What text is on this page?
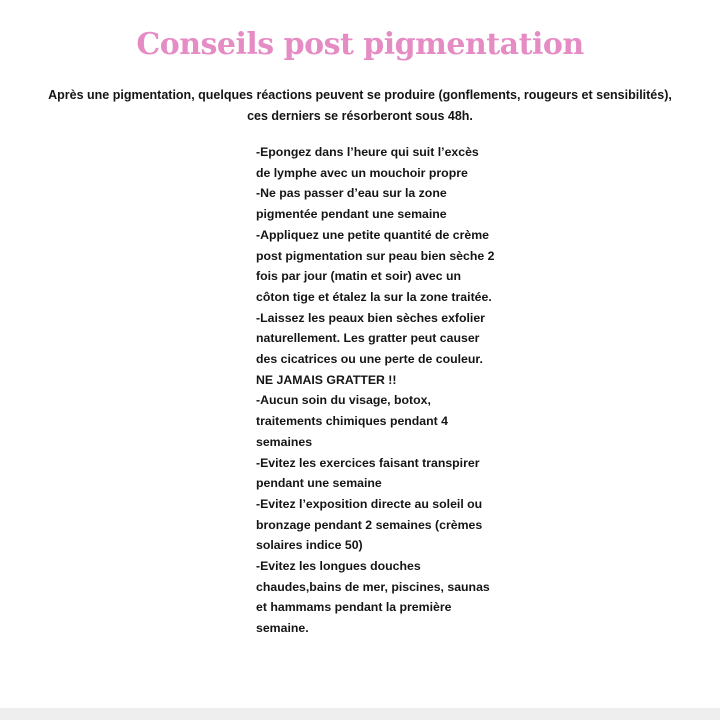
Conseils post pigmentation

Après une pigmentation, quelques réactions peuvent se produire (gonflements, rougeurs et sensibilités), ces derniers se résorberont sous 48h.

-Epongez dans l’heure qui suit l’excès de lymphe avec un mouchoir propre
-Ne pas passer d’eau sur la zone pigmentée pendant une semaine
-Appliquez une petite quantité de crème post pigmentation sur peau bien sèche 2 fois par jour (matin et soir) avec un côton tige et étalez la sur la zone traitée.
-Laissez les peaux bien sèches exfolier naturellement. Les gratter peut causer des cicatrices ou une perte de couleur. NE JAMAIS GRATTER !!
-Aucun soin du visage, botox, traitements chimiques pendant 4 semaines
-Evitez les exercices faisant transpirer pendant une semaine
-Evitez l’exposition directe au soleil ou bronzage pendant 2 semaines (crèmes solaires indice 50)
-Evitez les longues douches chaudes,bains de mer, piscines, saunas et hammams pendant la première semaine.
